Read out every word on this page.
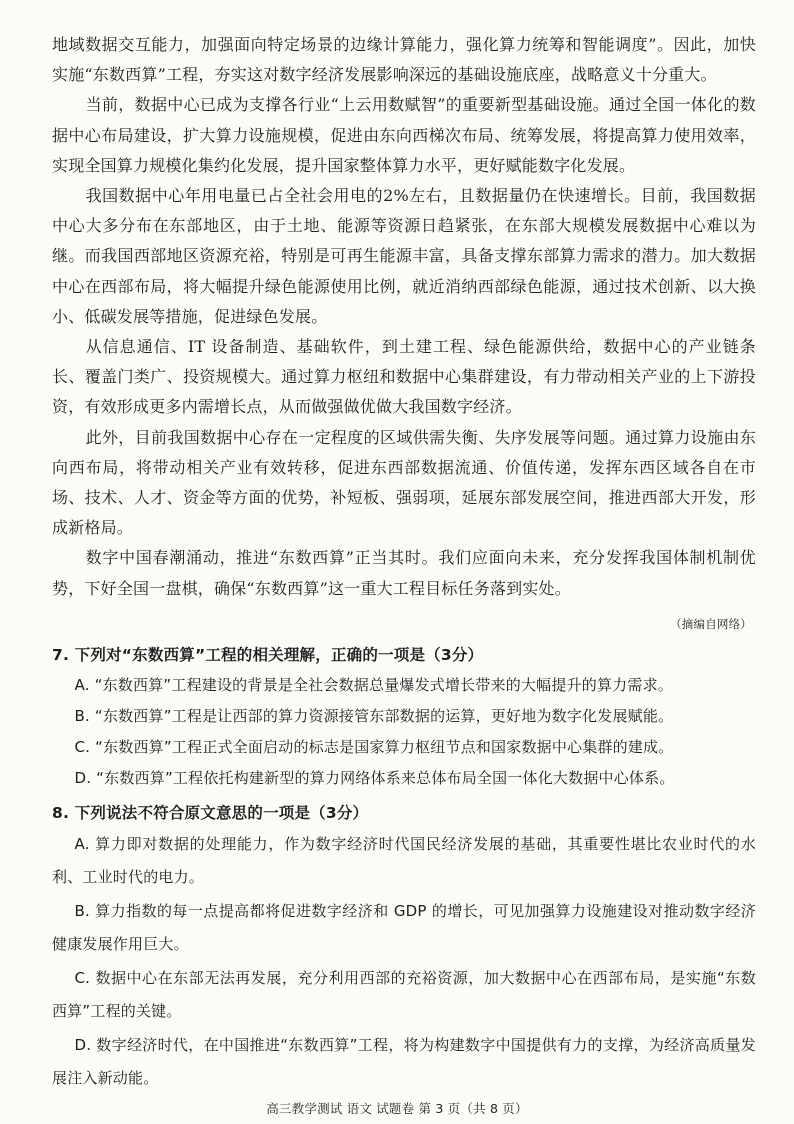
地域数据交互能力，加强面向特定场景的边缘计算能力，强化算力统筹和智能调度”。因此，加快实施“东数西算”工程，夯实这对数字经济发展影响深远的基础设施底座，战略意义十分重大。

当前，数据中心已成为支撑各行业“上云用数赋智”的重要新型基础设施。通过全国一体化的数据中心布局建设，扩大算力设施规模，促进由东向西梯次布局、统筹发展，将提高算力使用效率，实现全国算力规模化集约化发展，提升国家整体算力水平，更好赋能数字化发展。

我国数据中心年用电量已占全社会用电的2%左右，且数据量仍在快速增长。目前，我国数据中心大多分布在东部地区，由于土地、能源等资源日趋紧张，在东部大规模发展数据中心难以为继。而我国西部地区资源充裕，特别是可再生能源丰富，具备支撑东部算力需求的潜力。加大数据中心在西部布局，将大幅提升绿色能源使用比例，就近消纳西部绿色能源，通过技术创新、以大换小、低碳发展等措施，促进绿色发展。

从信息通信、IT 设备制造、基础软件，到土建工程、绿色能源供给，数据中心的产业链条长、覆盖门类广、投资规模大。通过算力枢纽和数据中心集群建设，有力带动相关产业的上下游投资，有效形成更多内需增长点，从而做强做优做大我国数字经济。

此外，目前我国数据中心存在一定程度的区域供需失衡、失序发展等问题。通过算力设施由东向西布局，将带动相关产业有效转移，促进东西部数据流通、价值传递，发挥东西区域各自在市场、技术、人才、资金等方面的优势，补短板、强弱项，延展东部发展空间，推进西部大开发，形成新格局。

数字中国春潮涌动，推进“东数西算”正当其时。我们应面向未来，充分发挥我国体制机制优势，下好全国一盘棋，确保“东数西算”这一重大工程目标任务落到实处。

（摘编自网络）

7. 下列对“东数西算”工程的相关理解，正确的一项是（3分）

A. “东数西算”工程建设的背景是全社会数据总量爆发式增长带来的大幅提升的算力需求。

B. “东数西算”工程是让西部的算力资源接管东部数据的运算，更好地为数字化发展赋能。

C. “东数西算”工程正式全面启动的标志是国家算力枢纽节点和国家数据中心集群的建成。

D. “东数西算”工程依托构建新型的算力网络体系来总体布局全国一体化大数据中心体系。

8. 下列说法不符合原文意思的一项是（3分）

A. 算力即对数据的处理能力，作为数字经济时代国民经济发展的基础，其重要性堪比农业时代的水利、工业时代的电力。

B. 算力指数的每一点提高都将促进数字经济和 GDP 的增长，可见加强算力设施建设对推动数字经济健康发展作用巨大。

C. 数据中心在东部无法再发展，充分利用西部的充裕资源，加大数据中心在西部布局，是实施“东数西算”工程的关键。

D. 数字经济时代，在中国推进“东数西算”工程，将为构建数字中国提供有力的支撑，为经济高质量发展注入新动能。

高三教学测试 语文 试题卷 第 3 页（共 8 页）
